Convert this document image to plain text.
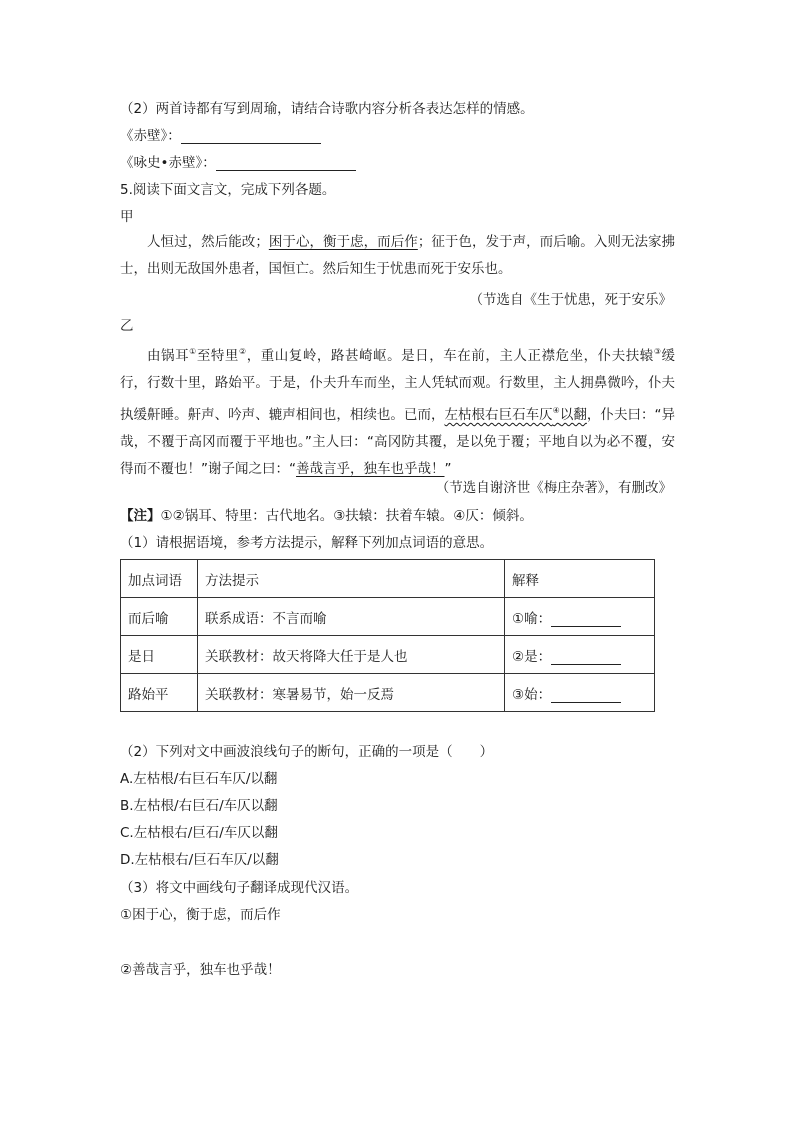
（2）两首诗都有写到周瑜，请结合诗歌内容分析各表达怎样的情感。
《赤壁》：
《咏史•赤壁》：
5.阅读下面文言文，完成下列各题。
甲
人恒过，然后能改；困于心，衡于虑，而后作；征于色，发于声，而后喻。入则无法家拂士，出则无敌国外患者，国恒亡。然后知生于忧患而死于安乐也。
（节选自《生于忧患，死于安乐》
乙
由锅耳①至特里②，重山复岭，路甚崎岖。是日，车在前，主人正襟危坐，仆夫扶辕③缓行，行数十里，路始平。于是，仆夫升车而坐，主人凭轼而观。行数里，主人拥鼻微吟，仆夫执缓鼾睡。鼾声、吟声、辘声相间也，相续也。已而，左枯根右巨石车仄④以翻，仆夫曰：“异哉，不覆于高冈而覆于平地也。”主人曰：“高冈防其覆，是以免于覆；平地自以为必不覆，安得而不覆也！”谢子闻之曰：“善哉言乎，独车也乎哉！”
（节选自谢济世《梅庄杂著》，有删改》
【注】①②锅耳、特里：古代地名。③扶辕：扶着车辕。④仄：倾斜。
（1）请根据语境，参考方法提示，解释下列加点词语的意思。
加点词语	方法提示	解释
而后喻	联系成语：不言而喻	①喻：
是日	关联教材：故天将降大任于是人也	②是：
路始平	关联教材：寒暑易节，始一反焉	③始：
（2）下列对文中画波浪线句子的断句，正确的一项是（　　）
A.左枯根/右巨石车仄/以翻
B.左枯根/右巨石/车仄以翻
C.左枯根右/巨石/车仄以翻
D.左枯根右/巨石车仄/以翻
（3）将文中画线句子翻译成现代汉语。
①困于心，衡于虑，而后作
②善哉言乎，独车也乎哉！
